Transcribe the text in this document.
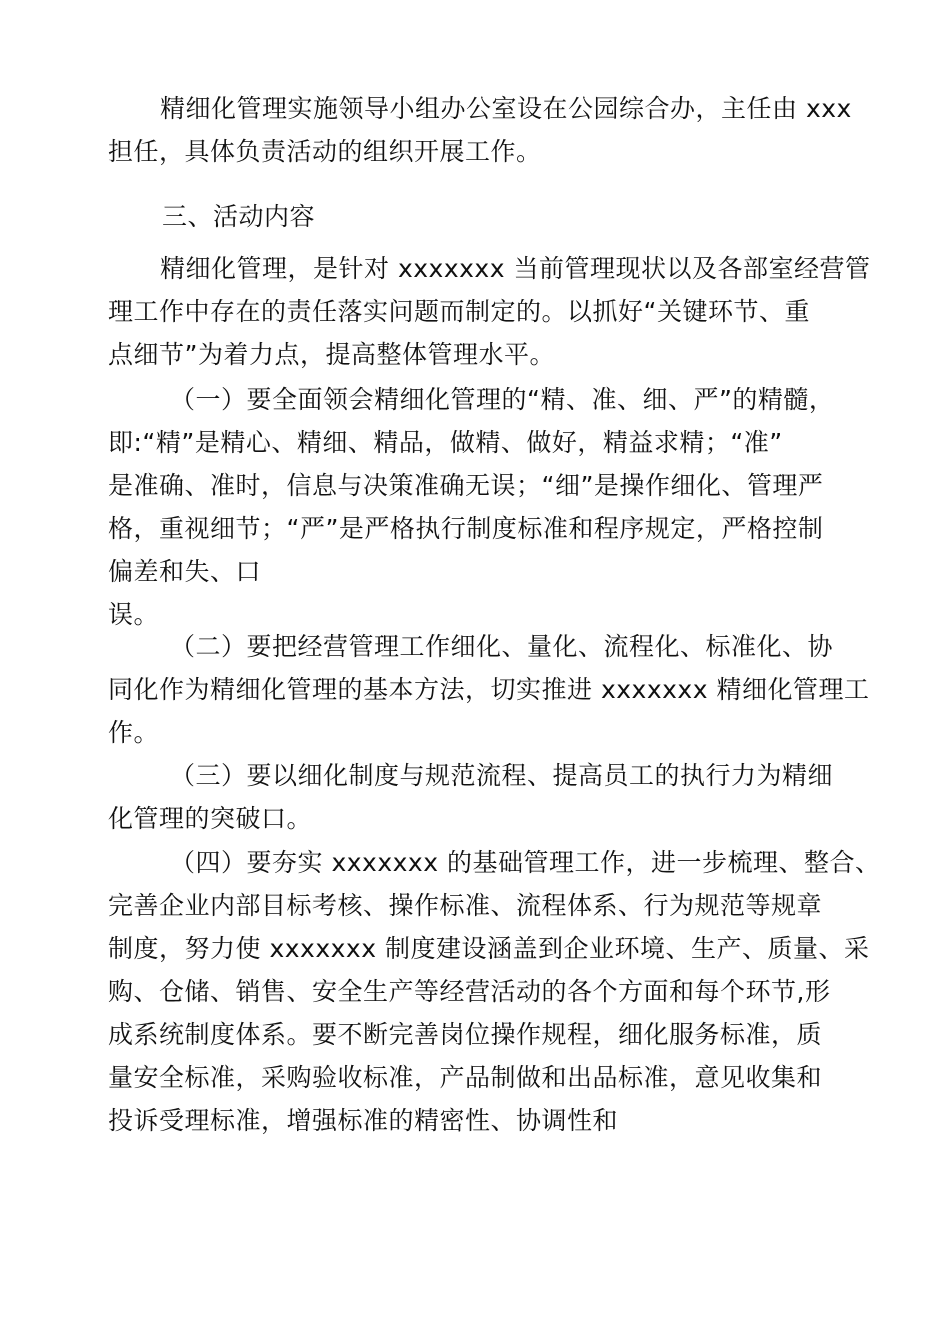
精细化管理实施领导小组办公室设在公园综合办，主任由 xxx
担任，具体负责活动的组织开展工作。
三、活动内容
精细化管理，是针对 xxxxxxx 当前管理现状以及各部室经营管
理工作中存在的责任落实问题而制定的。以抓好“关键环节、重
点细节”为着力点，提高整体管理水平。
（一）要全面领会精细化管理的“精、准、细、严”的精髓，
即:“精”是精心、精细、精品，做精、做好，精益求精；“准”
是准确、准时，信息与决策准确无误；“细”是操作细化、管理严
格，重视细节；“严”是严格执行制度标准和程序规定，严格控制
偏差和失、口
误。
（二）要把经营管理工作细化、量化、流程化、标准化、协
同化作为精细化管理的基本方法，切实推进 xxxxxxx 精细化管理工
作。
（三）要以细化制度与规范流程、提高员工的执行力为精细
化管理的突破口。
（四）要夯实 xxxxxxx 的基础管理工作，进一步梳理、整合、
完善企业内部目标考核、操作标准、流程体系、行为规范等规章
制度，努力使 xxxxxxx 制度建设涵盖到企业环境、生产、质量、采
购、仓储、销售、安全生产等经营活动的各个方面和每个环节,形
成系统制度体系。要不断完善岗位操作规程，细化服务标准，质
量安全标准，采购验收标准，产品制做和出品标准，意见收集和
投诉受理标准，增强标准的精密性、协调性和
